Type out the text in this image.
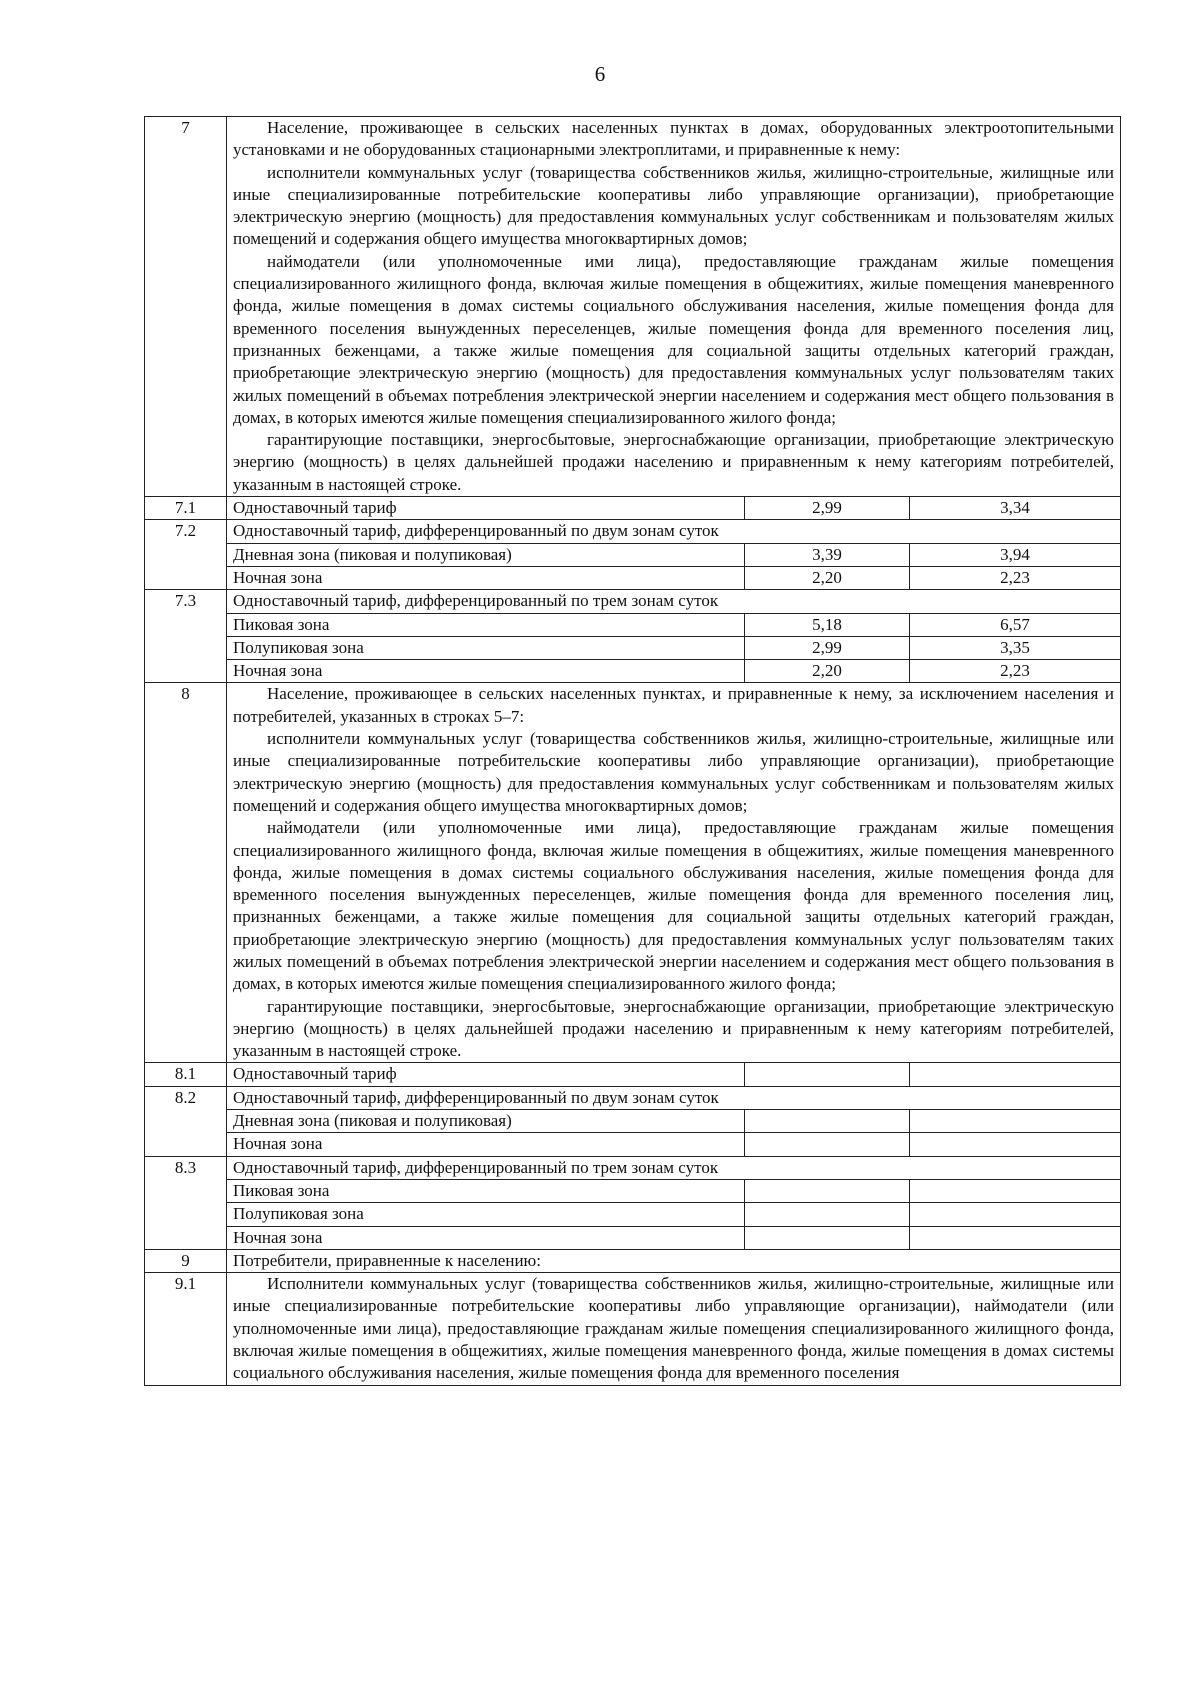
6
7	Население, проживающее в сельских населенных пунктах в домах, оборудованных электроотопительными установками и не оборудованных стационарными электроплитами, и приравненные к нему:

исполнители коммунальных услуг (товарищества собственников жилья, жилищно-строительные, жилищные или иные специализированные потребительские кооперативы либо управляющие организации), приобретающие электрическую энергию (мощность) для предоставления коммунальных услуг собственникам и пользователям жилых помещений и содержания общего имущества многоквартирных домов;

наймодатели (или уполномоченные ими лица), предоставляющие гражданам жилые помещения специализированного жилищного фонда, включая жилые помещения в общежитиях, жилые помещения маневренного фонда, жилые помещения в домах системы социального обслуживания населения, жилые помещения фонда для временного поселения вынужденных переселенцев, жилые помещения фонда для временного поселения лиц, признанных беженцами, а также жилые помещения для социальной защиты отдельных категорий граждан, приобретающие электрическую энергию (мощность) для предоставления коммунальных услуг пользователям таких жилых помещений в объемах потребления электрической энергии населением и содержания мест общего пользования в домах, в которых имеются жилые помещения специализированного жилого фонда;

гарантирующие поставщики, энергосбытовые, энергоснабжающие организации, приобретающие электрическую энергию (мощность) в целях дальнейшей продажи населению и приравненным к нему категориям потребителей, указанным в настоящей строке.		

7.1	Одноставочный тариф	2,99	3,34
7.2	Одноставочный тариф, дифференцированный по двум зонам суток		
	Дневная зона (пиковая и полупиковая)	3,39	3,94
	Ночная зона	2,20	2,23
7.3	Одноставочный тариф, дифференцированный по трем зонам суток		
	Пиковая зона	5,18	6,57
	Полупиковая зона	2,99	3,35
	Ночная зона	2,20	2,23
8	Население, проживающее в сельских населенных пунктах, и приравненные к нему, за исключением населения и потребителей, указанных в строках 5–7:

исполнители коммунальных услуг (товарищества собственников жилья, жилищно-строительные, жилищные или иные специализированные потребительские кооперативы либо управляющие организации), приобретающие электрическую энергию (мощность) для предоставления коммунальных услуг собственникам и пользователям жилых помещений и содержания общего имущества многоквартирных домов;

наймодатели (или уполномоченные ими лица), предоставляющие гражданам жилые помещения специализированного жилищного фонда, включая жилые помещения в общежитиях, жилые помещения маневренного фонда, жилые помещения в домах системы социального обслуживания населения, жилые помещения фонда для временного поселения вынужденных переселенцев, жилые помещения фонда для временного поселения лиц, признанных беженцами, а также жилые помещения для социальной защиты отдельных категорий граждан, приобретающие электрическую энергию (мощность) для предоставления коммунальных услуг пользователям таких жилых помещений в объемах потребления электрической энергии населением и содержания мест общего пользования в домах, в которых имеются жилые помещения специализированного жилого фонда;

гарантирующие поставщики, энергосбытовые, энергоснабжающие организации, приобретающие электрическую энергию (мощность) в целях дальнейшей продажи населению и приравненным к нему категориям потребителей, указанным в настоящей строке.		

8.1	Одноставочный тариф		
8.2	Одноставочный тариф, дифференцированный по двум зонам суток		
	Дневная зона (пиковая и полупиковая)		
	Ночная зона		
8.3	Одноставочный тариф, дифференцированный по трем зонам суток		
	Пиковая зона		
	Полупиковая зона		
	Ночная зона		
9	Потребители, приравненные к населению:		
9.1	Исполнители коммунальных услуг (товарищества собственников жилья, жилищно-строительные, жилищные или иные специализированные потребительские кооперативы либо управляющие организации), наймодатели (или уполномоченные ими лица), предоставляющие гражданам жилые помещения специализированного жилищного фонда, включая жилые помещения в общежитиях, жилые помещения маневренного фонда, жилые помещения в домах системы социального обслуживания населения, жилые помещения фонда для временного поселения		
